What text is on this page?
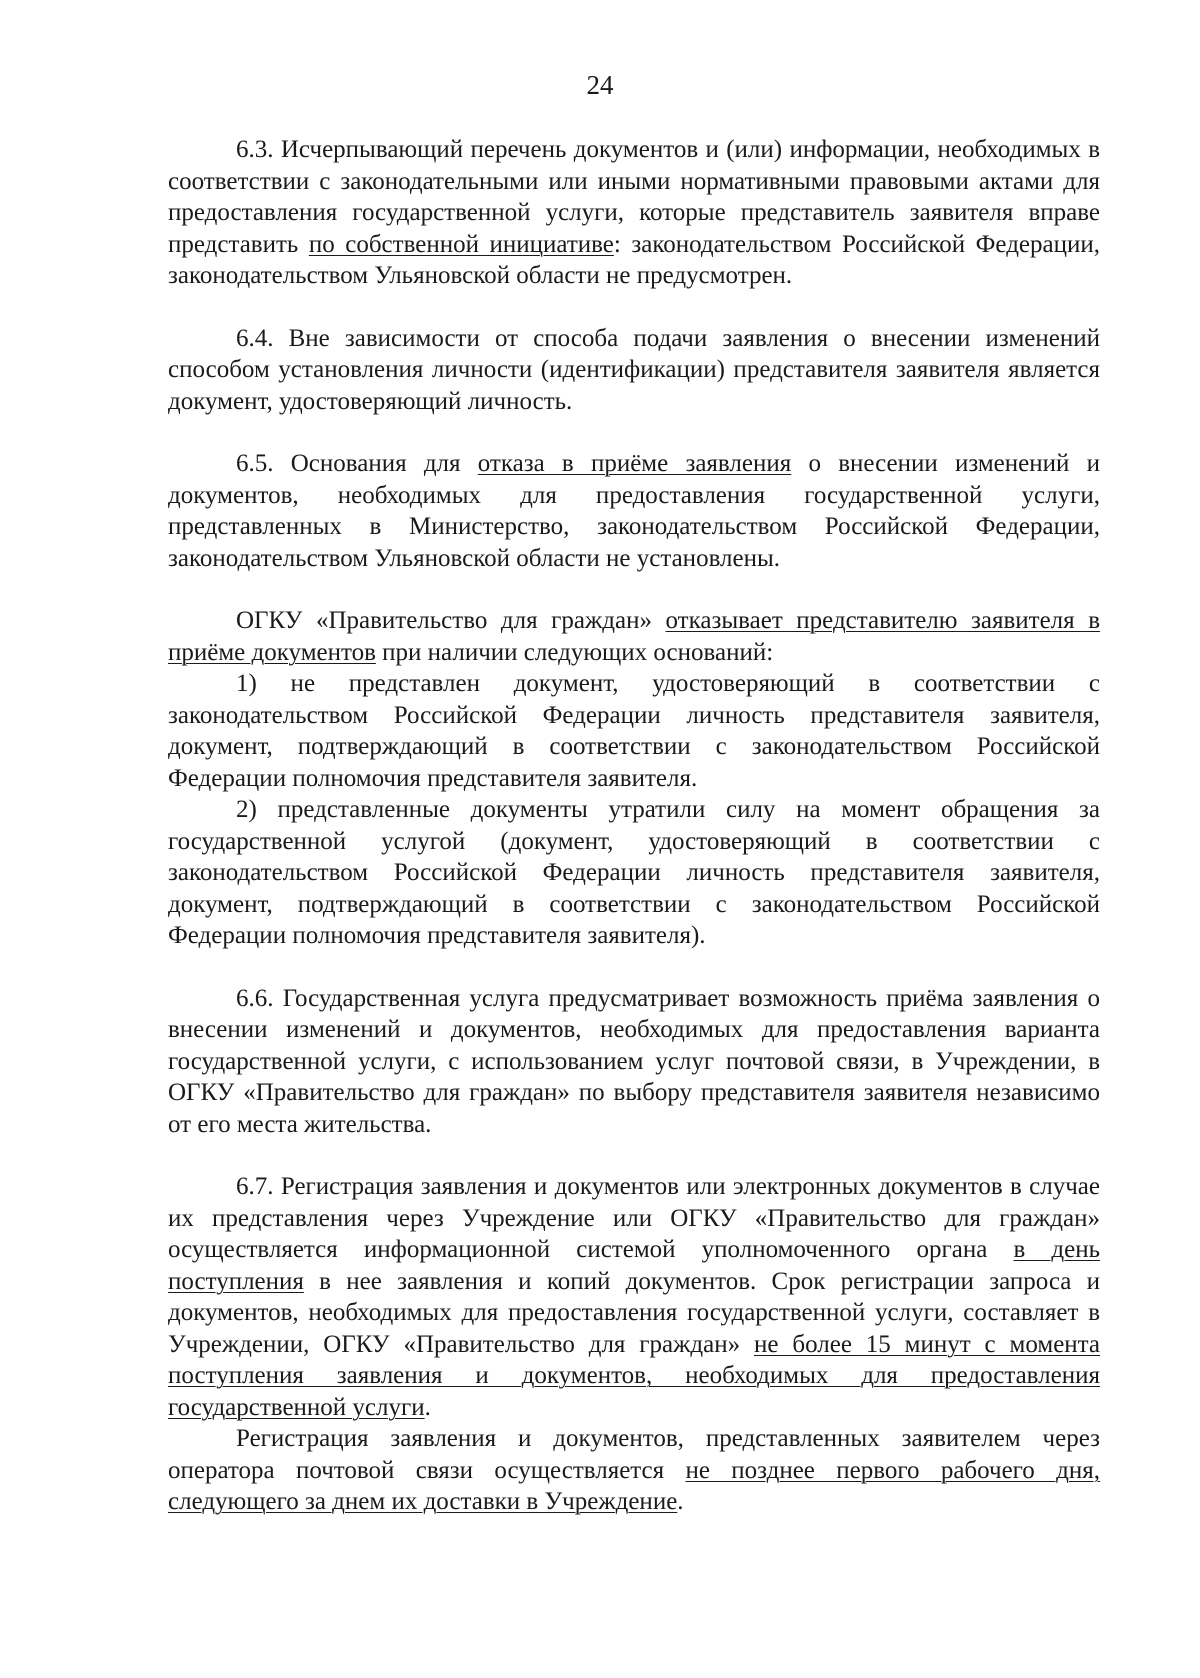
24

6.3. Исчерпывающий перечень документов и (или) информации, необходимых в соответствии с законодательными или иными нормативными правовыми актами для предоставления государственной услуги, которые представитель заявителя вправе представить по собственной инициативе: законодательством Российской Федерации, законодательством Ульяновской области не предусмотрен.

6.4. Вне зависимости от способа подачи заявления о внесении изменений способом установления личности (идентификации) представителя заявителя является документ, удостоверяющий личность.

6.5. Основания для отказа в приёме заявления о внесении изменений и документов, необходимых для предоставления государственной услуги, представленных в Министерство, законодательством Российской Федерации, законодательством Ульяновской области не установлены.

ОГКУ «Правительство для граждан» отказывает представителю заявителя в приёме документов при наличии следующих оснований:

1) не представлен документ, удостоверяющий в соответствии с законодательством Российской Федерации личность представителя заявителя, документ, подтверждающий в соответствии с законодательством Российской Федерации полномочия представителя заявителя.

2) представленные документы утратили силу на момент обращения за государственной услугой (документ, удостоверяющий в соответствии с законодательством Российской Федерации личность представителя заявителя, документ, подтверждающий в соответствии с законодательством Российской Федерации полномочия представителя заявителя).

6.6. Государственная услуга предусматривает возможность приёма заявления о внесении изменений и документов, необходимых для предоставления варианта государственной услуги, с использованием услуг почтовой связи, в Учреждении, в ОГКУ «Правительство для граждан» по выбору представителя заявителя независимо от его места жительства.

6.7. Регистрация заявления и документов или электронных документов в случае их представления через Учреждение или ОГКУ «Правительство для граждан» осуществляется информационной системой уполномоченного органа в день поступления в нее заявления и копий документов. Срок регистрации запроса и документов, необходимых для предоставления государственной услуги, составляет в Учреждении, ОГКУ «Правительство для граждан» не более 15 минут с момента поступления заявления и документов, необходимых для предоставления государственной услуги.

Регистрация заявления и документов, представленных заявителем через оператора почтовой связи осуществляется не позднее первого рабочего дня, следующего за днем их доставки в Учреждение.
